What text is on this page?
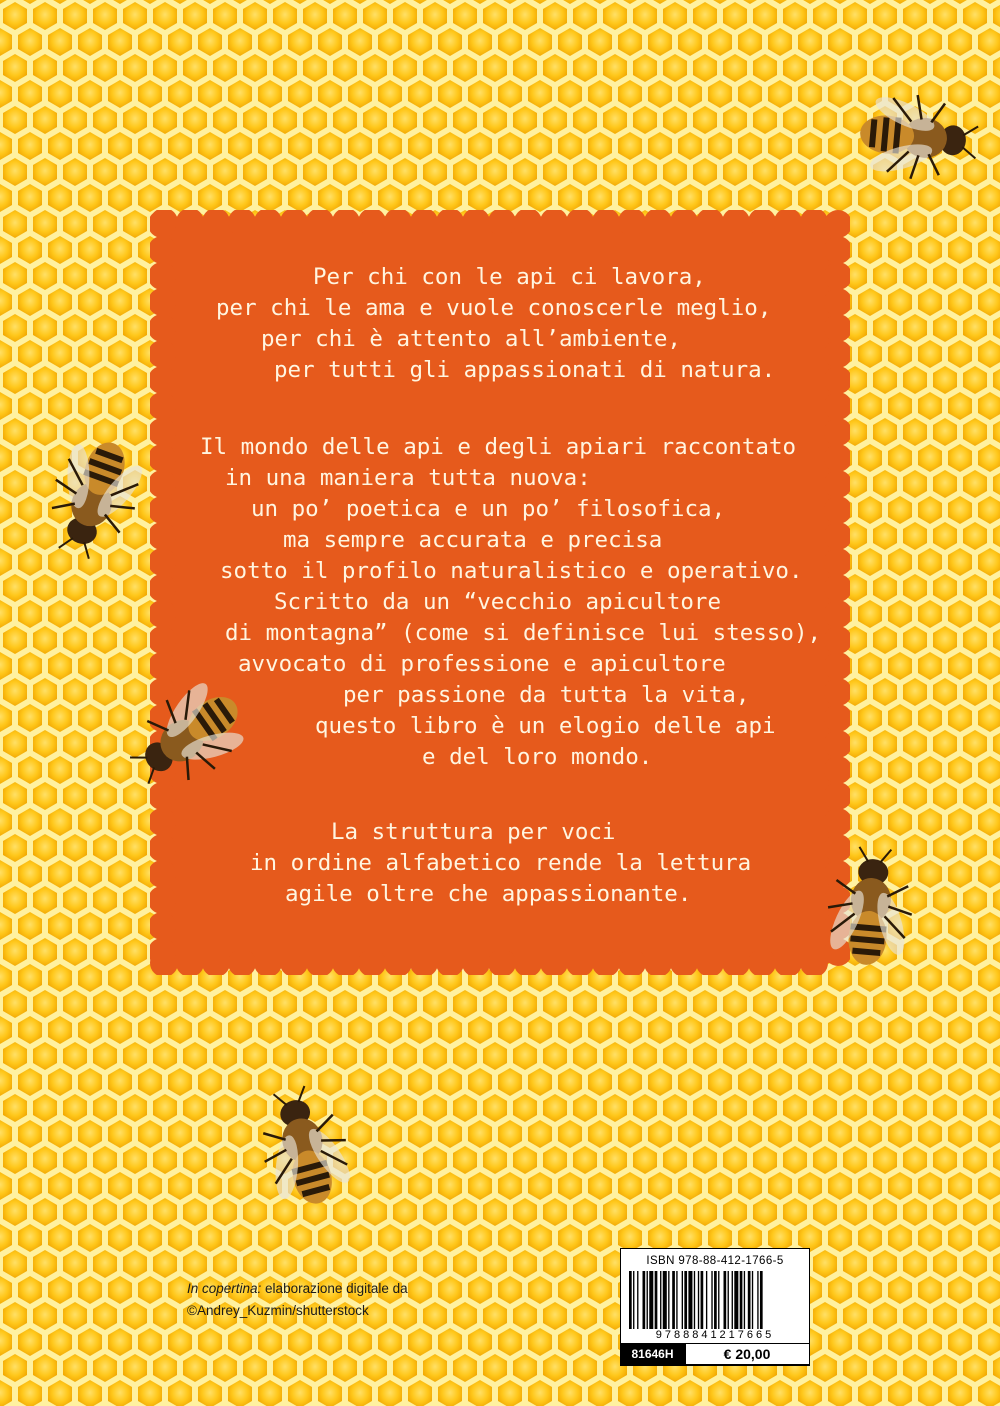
Per chi con le api ci lavora,
per chi le ama e vuole conoscerle meglio,
per chi è attento all’ambiente,
per tutti gli appassionati di natura.
Il mondo delle api e degli apiari raccontato
in una maniera tutta nuova:
un po’ poetica e un po’ filosofica,
ma sempre accurata e precisa
sotto il profilo naturalistico e operativo.
Scritto da un “vecchio apicultore
di montagna” (come si definisce lui stesso),
avvocato di professione e apicultore
per passione da tutta la vita,
questo libro è un elogio delle api
e del loro mondo.
La struttura per voci
in ordine alfabetico rende la lettura
agile oltre che appassionante.
In copertina: elaborazione digitale da
©Andrey_Kuzmin/shutterstock
ISBN 978-88-412-1766-5
9788841217665
81646H	€ 20,00
